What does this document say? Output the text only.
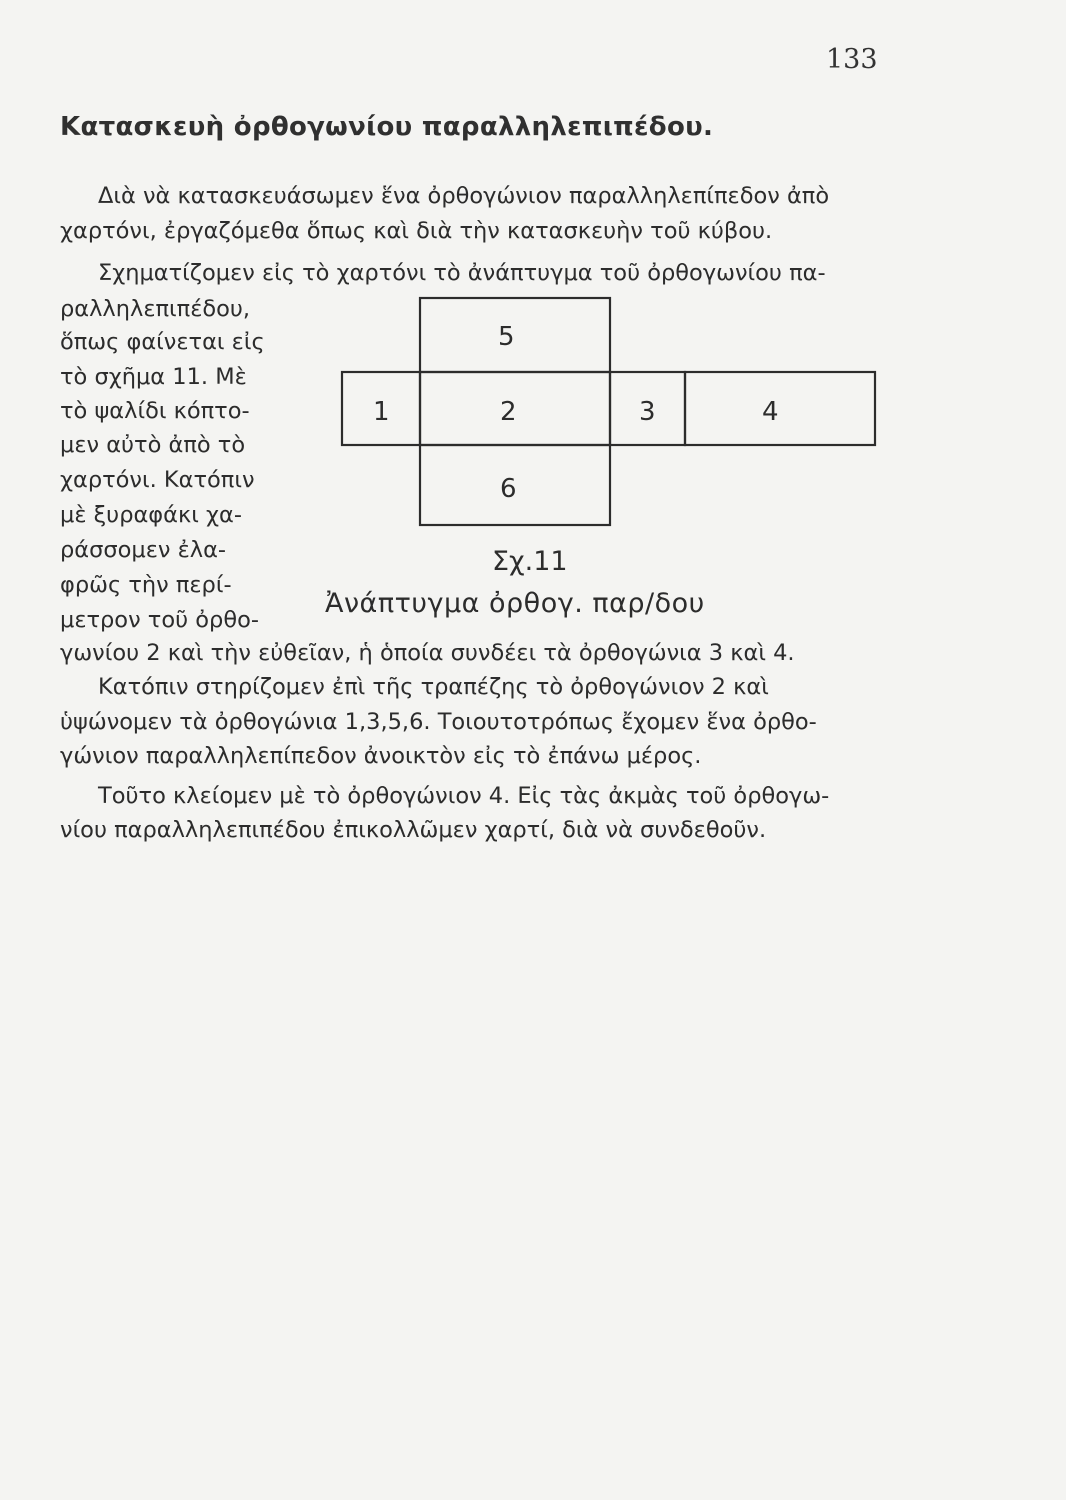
133
Κατασκευὴ ὀρθογωνίου παραλληλεπιπέδου.
Διὰ νὰ κατασκευάσωμεν ἕνα ὀρθογώνιον παραλληλεπίπεδον ἀπὸ
χαρτόνι, ἐργαζόμεθα ὅπως καὶ διὰ τὴν κατασκευὴν τοῦ κύβου.
Σχηματίζομεν εἰς τὸ χαρτόνι τὸ ἀνάπτυγμα τοῦ ὀρθογωνίου πα-
ραλληλεπιπέδου,
ὅπως φαίνεται εἰς
τὸ σχῆμα 11. Μὲ
τὸ ψαλίδι κόπτο-
μεν αὐτὸ ἀπὸ τὸ
χαρτόνι. Κατόπιν
μὲ ξυραφάκι χα-
ράσσομεν ἐλα-
φρῶς τὴν περί-
μετρον τοῦ ὀρθο-
γωνίου 2 καὶ τὴν εὐθεῖαν, ἡ ὁποία συνδέει τὰ ὀρθογώνια 3 καὶ 4.
Κατόπιν στηρίζομεν ἐπὶ τῆς τραπέζης τὸ ὀρθογώνιον 2 καὶ
ὑψώνομεν τὰ ὀρθογώνια 1,3,5,6. Τοιουτοτρόπως ἔχομεν ἕνα ὀρθο-
γώνιον παραλληλεπίπεδον ἀνοικτὸν εἰς τὸ ἐπάνω μέρος.
Τοῦτο κλείομεν μὲ τὸ ὀρθογώνιον 4. Εἰς τὰς ἀκμὰς τοῦ ὀρθογω-
νίου παραλληλεπιπέδου ἐπικολλῶμεν χαρτί, διὰ νὰ συνδεθοῦν.
5
1	2	3	4
6
Σχ.11
Ἀνάπτυγμα ὀρθογ. παρ/δου
